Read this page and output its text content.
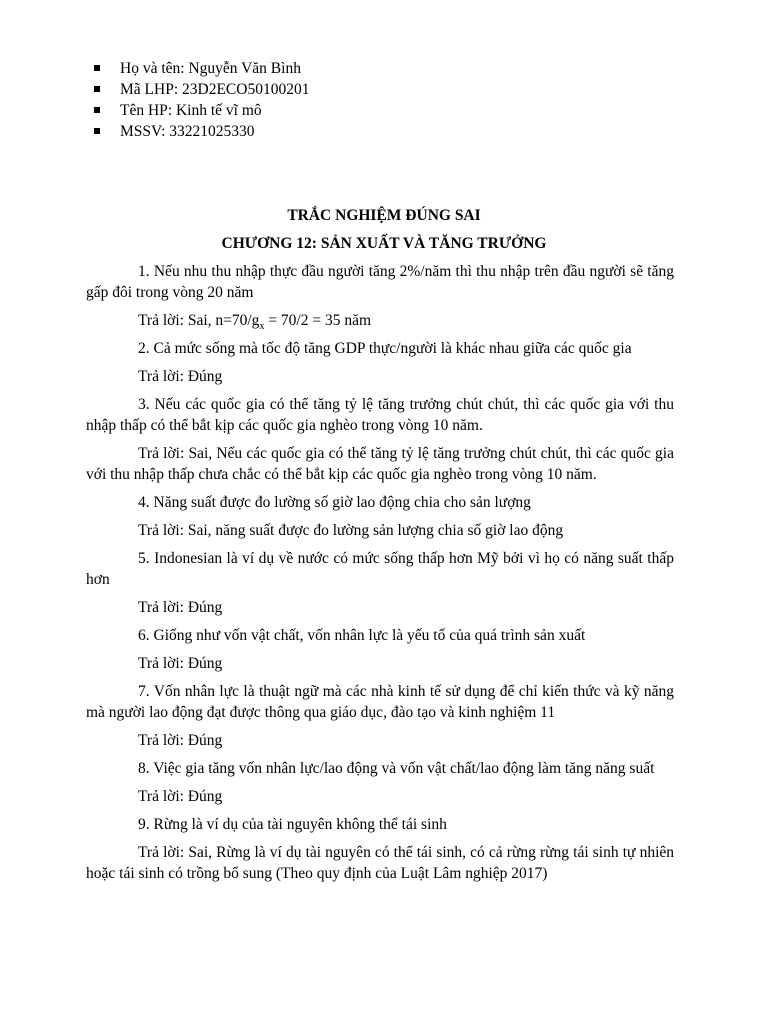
Họ và tên: Nguyễn Văn Bình
Mã LHP: 23D2ECO50100201
Tên HP: Kinh tế vĩ mô
MSSV: 33221025330
TRẮC NGHIỆM ĐÚNG SAI
CHƯƠNG 12: SẢN XUẤT VÀ TĂNG TRƯỞNG

1. Nếu nhu thu nhập thực đầu người tăng 2%/năm thì thu nhập trên đầu người sẽ tăng gấp đôi trong vòng 20 năm

Trả lời: Sai, $n=70/g_x = 70/2 = 35$ năm

2. Cả mức sống mà tốc độ tăng GDP thực/người là khác nhau giữa các quốc gia

Trả lời: Đúng

3. Nếu các quốc gia có thể tăng tỷ lệ tăng trưởng chút chút, thì các quốc gia với thu nhập thấp có thể bắt kịp các quốc gia nghèo trong vòng 10 năm.

Trả lời: Sai, Nếu các quốc gia có thể tăng tỷ lệ tăng trưởng chút chút, thì các quốc gia với thu nhập thấp chưa chắc có thể bắt kịp các quốc gia nghèo trong vòng 10 năm.

4. Năng suất được đo lường số giờ lao động chia cho sản lượng

Trả lời: Sai, năng suất được đo lường sản lượng chia số giờ lao động

5. Indonesian là ví dụ về nước có mức sống thấp hơn Mỹ bởi vì họ có năng suất thấp hơn

Trả lời: Đúng

6. Giống như vốn vật chất, vốn nhân lực là yếu tố của quá trình sản xuất

Trả lời: Đúng

7. Vốn nhân lực là thuật ngữ mà các nhà kinh tế sử dụng để chỉ kiến thức và kỹ năng mà người lao động đạt được thông qua giáo dục, đào tạo và kinh nghiệm 11

Trả lời: Đúng

8. Việc gia tăng vốn nhân lực/lao động và vốn vật chất/lao động làm tăng năng suất

Trả lời: Đúng

9. Rừng là ví dụ của tài nguyên không thể tái sinh

Trả lời: Sai, Rừng là ví dụ tài nguyên có thể tái sinh, có cả rừng rừng tái sinh tự nhiên hoặc tái sinh có trồng bổ sung (Theo quy định của Luật Lâm nghiệp 2017)
